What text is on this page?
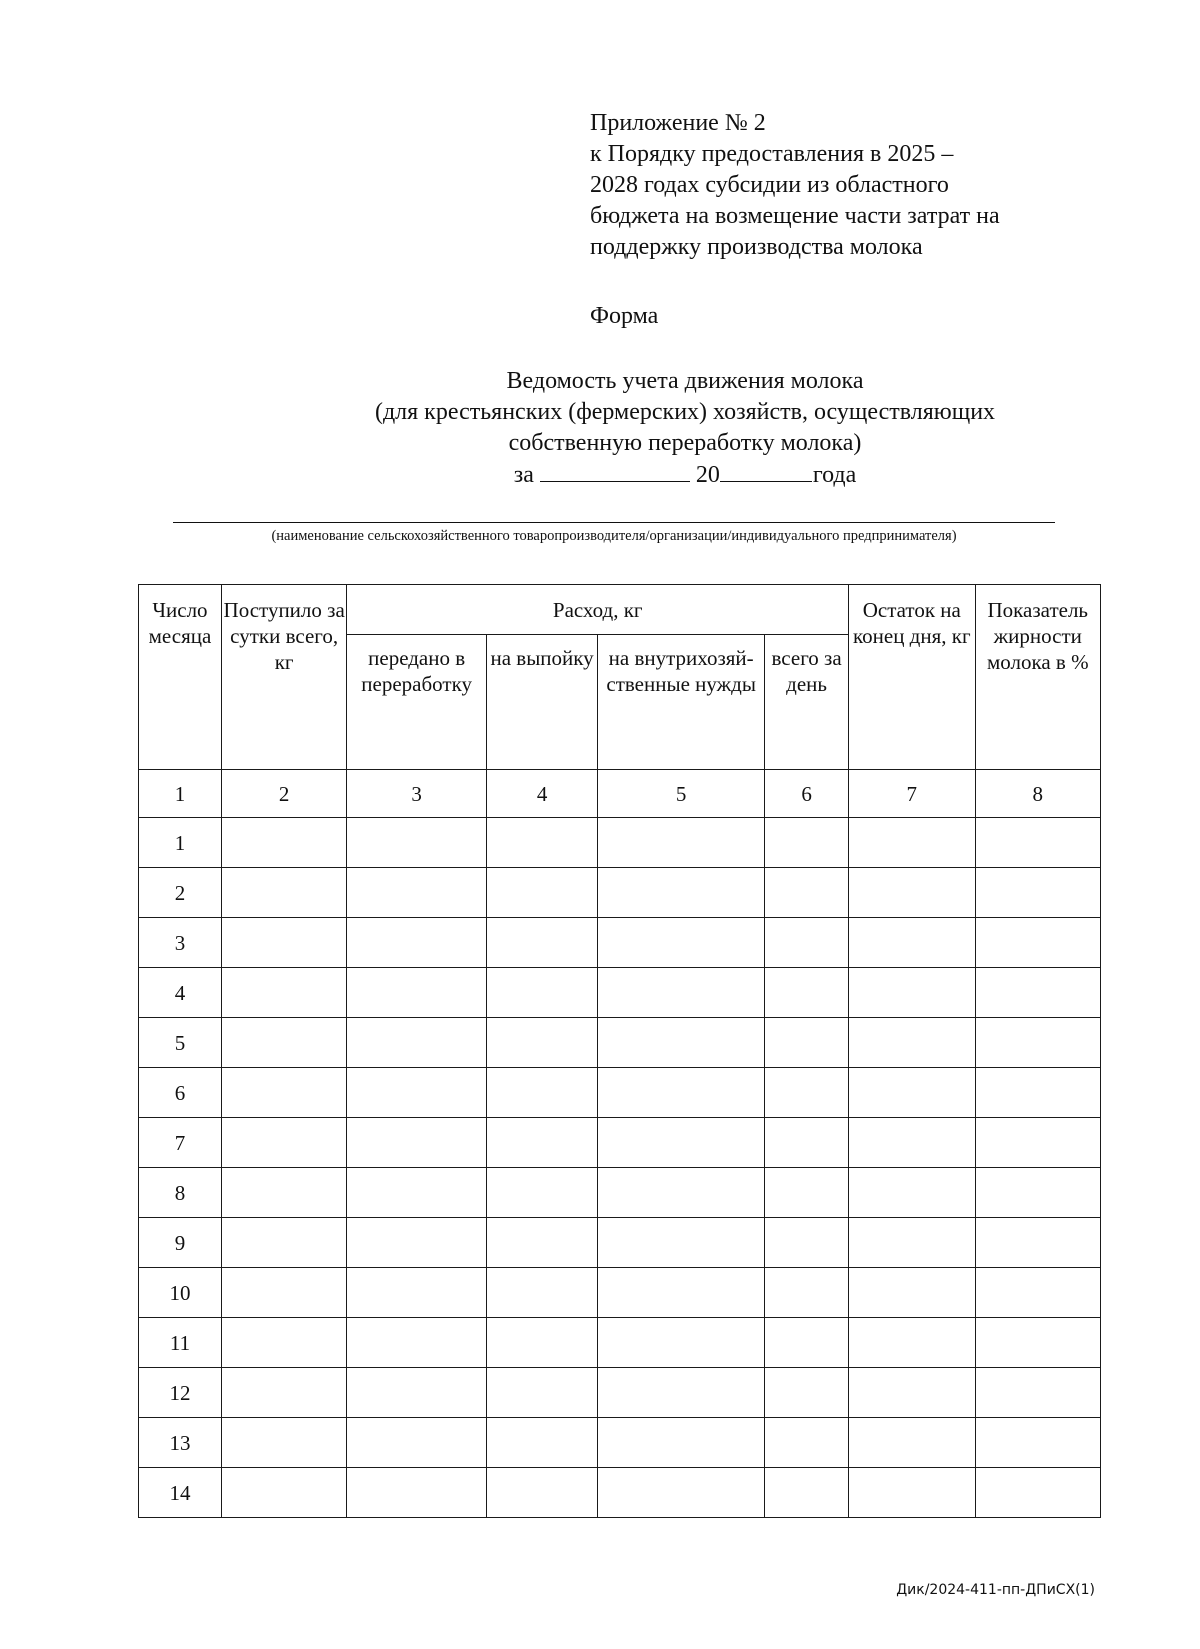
Приложение № 2
к Порядку предоставления в 2025 –
2028 годах субсидии из областного
бюджета на возмещение части затрат на
поддержку производства молока
Форма
Ведомость учета движения молока
(для крестьянских (фермерских) хозяйств, осуществляющих
собственную переработку молока)
за	20	года
(наименование сельскохозяйственного товаропроизводителя/организации/индивидуального предпринимателя)
Число месяца	Поступило за сутки всего, кг	Расход, кг				Остаток на конец дня, кг	Показатель жирности молока в %
		передано в переработку	на выпойку	на внутрихозяй-ственные нужды	всего за день		
1	2	3	4	5	6	7	8
1							
2							
3							
4							
5							
6							
7							
8							
9							
10							
11							
12							
13							
14							
Дик/2024-411-пп-ДПиСХ(1)
